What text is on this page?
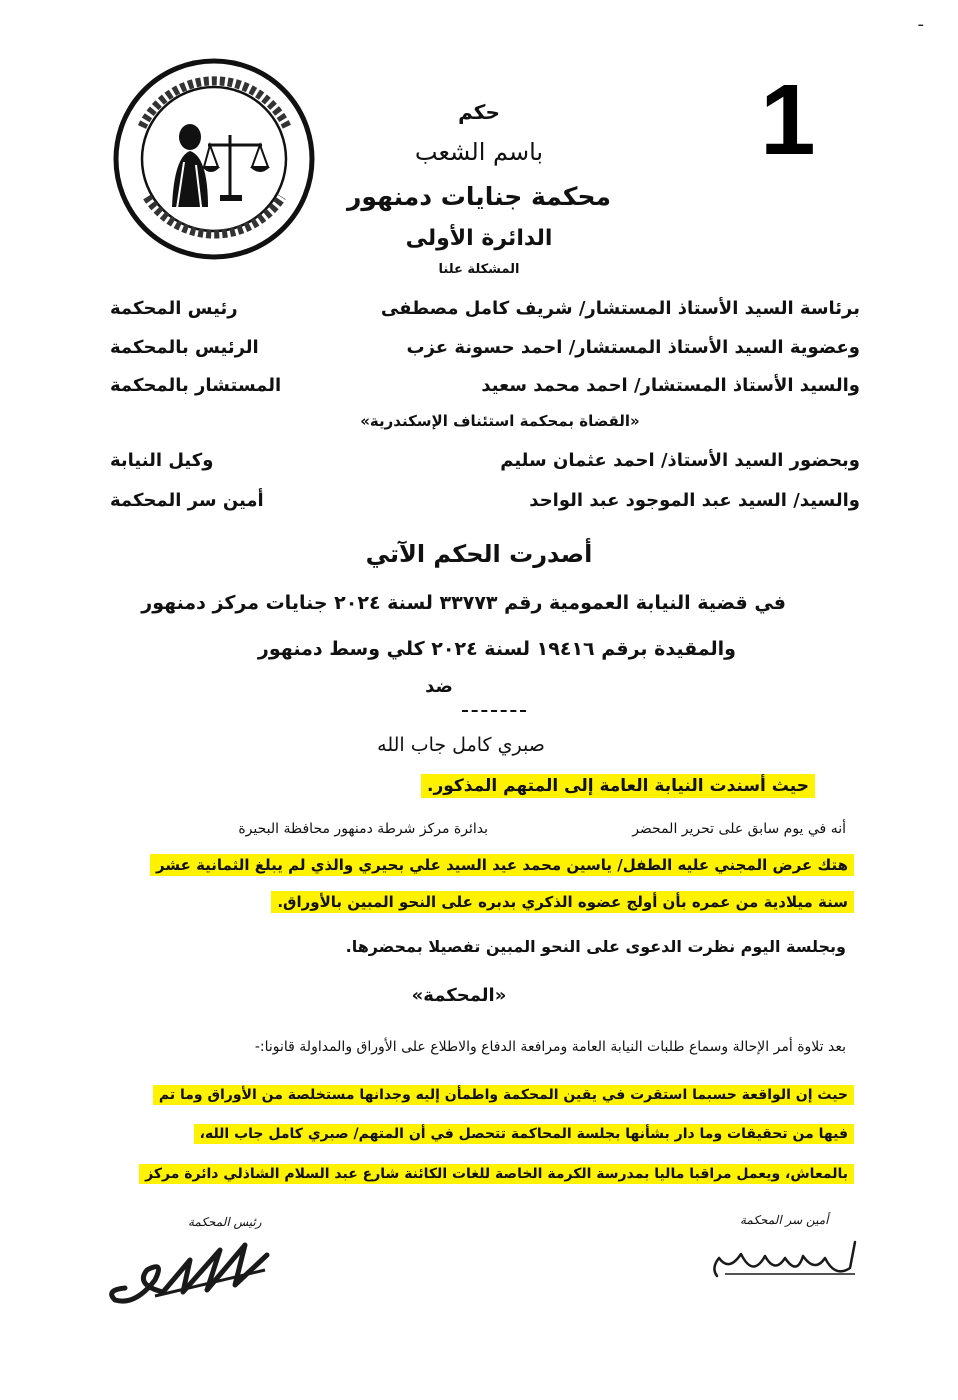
-
1
حكم
باسم الشعب
محكمة جنايات دمنهور
الدائرة الأولى
المشكلة علنا
برئاسة السيد الأستاذ المستشار/ شريف كامل مصطفى
رئيس المحكمة
وعضوية السيد الأستاذ المستشار/ احمد حسونة عزب
الرئيس بالمحكمة
والسيد الأستاذ المستشار/ احمد محمد سعيد
المستشار بالمحكمة
«القضاة بمحكمة استئناف الإسكندرية»
وبحضور السيد الأستاذ/ احمد عثمان سليم
وكيل النيابة
والسيد/ السيد عبد الموجود عبد الواحد
أمين سر المحكمة
أصدرت الحكم الآتي
في قضية النيابة العمومية رقم ٣٣٧٧٣ لسنة ٢٠٢٤ جنايات مركز دمنهور
والمقيدة برقم ١٩٤١٦ لسنة ٢٠٢٤ كلي وسط دمنهور
ضد
صبري كامل جاب الله
حيث أسندت النيابة العامة إلى المتهم المذكور.
أنه في يوم سابق على تحرير المحضر
بدائرة مركز شرطة دمنهور محافظة البحيرة
هتك عرض المجني عليه الطفل/ ياسين محمد عيد السيد علي بحيري والذي لم يبلغ الثمانية عشر
سنة ميلادية من عمره بأن أولج عضوه الذكري بدبره على النحو المبين بالأوراق.
وبجلسة اليوم نظرت الدعوى على النحو المبين تفصيلا بمحضرها.
«المحكمة»
بعد تلاوة أمر الإحالة وسماع طلبات النيابة العامة ومرافعة الدفاع والاطلاع على الأوراق والمداولة قانونا:-
حيث إن الواقعة حسبما استقرت في يقين المحكمة واطمأن إليه وجدانها مستخلصة من الأوراق وما تم
فيها من تحقيقات وما دار بشأنها بجلسة المحاكمة تتحصل في أن المتهم/ صبري كامل جاب الله،
بالمعاش، ويعمل مراقبا ماليا بمدرسة الكرمة الخاصة للغات الكائنة شارع عبد السلام الشاذلي دائرة مركز
رئيس المحكمة	أمين سر المحكمة
